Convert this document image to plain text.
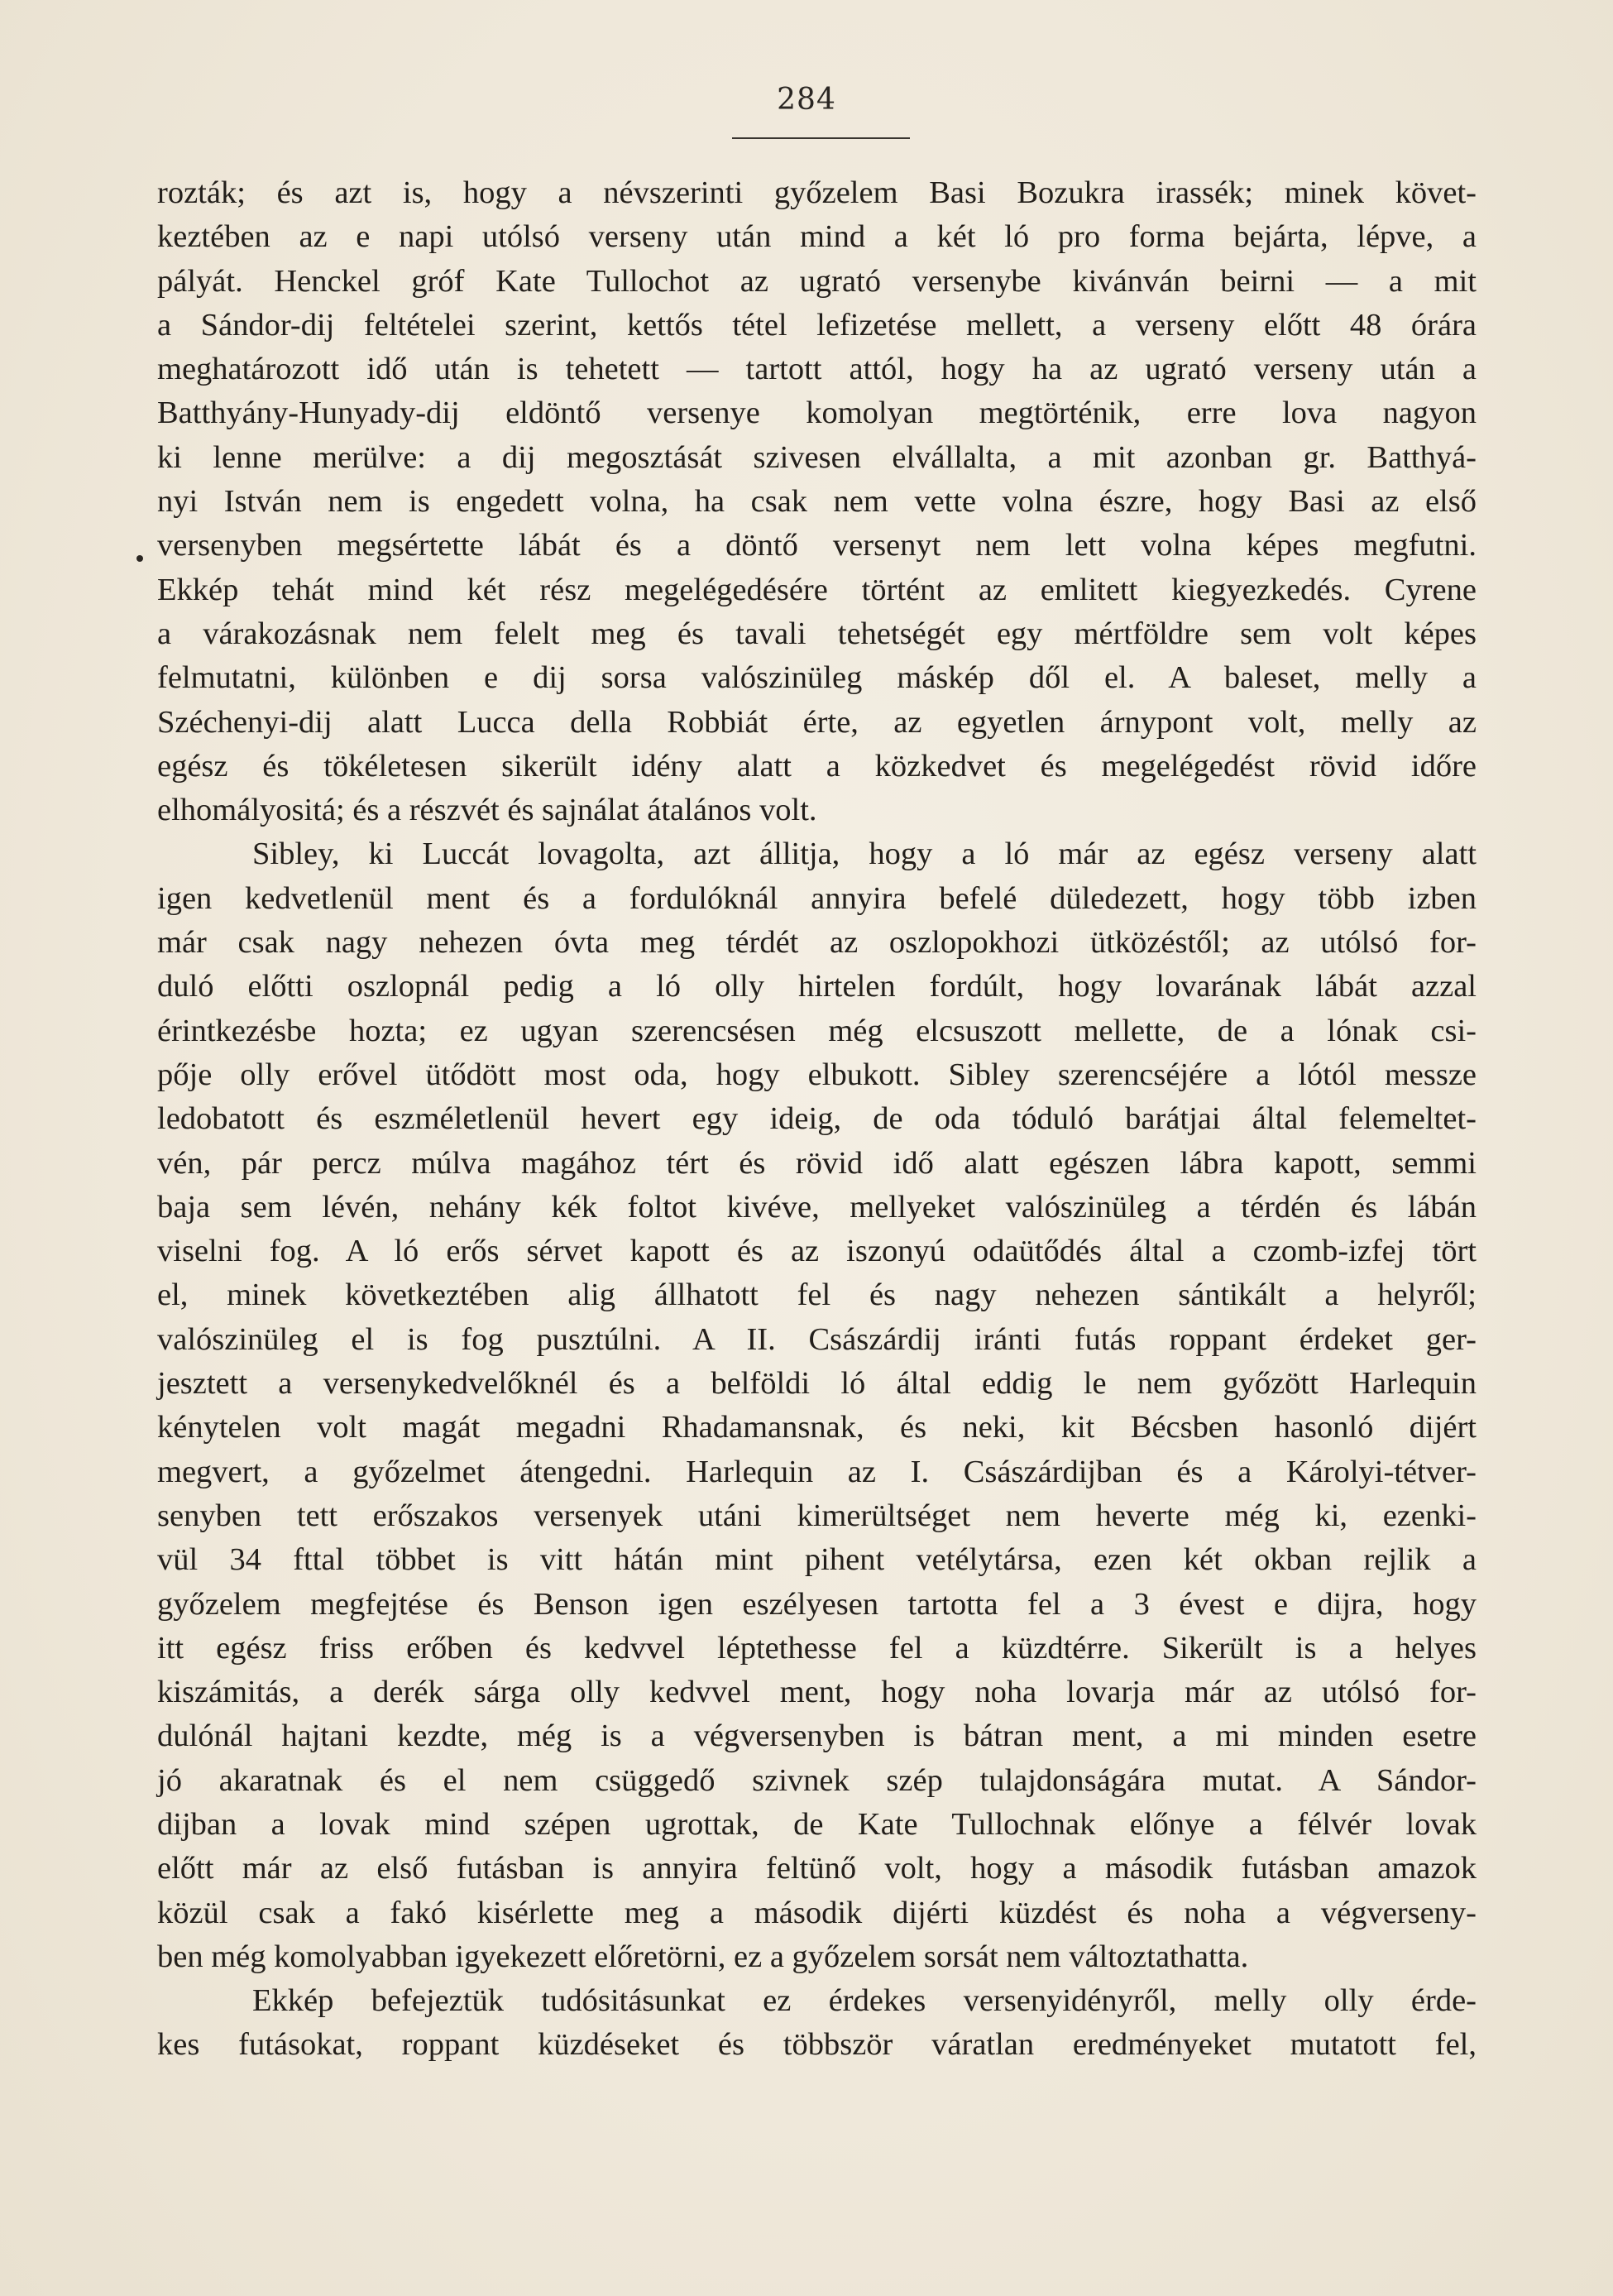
284
rozták; és azt is, hogy a névszerinti győzelem Basi Bozukra irassék; minek követ-
keztében az e napi utólsó verseny után mind a két ló pro forma bejárta, lépve, a
pályát. Henckel gróf Kate Tullochot az ugrató versenybe kivánván beirni — a mit
a Sándor-dij feltételei szerint, kettős tétel lefizetése mellett, a verseny előtt 48 órára
meghatározott idő után is tehetett — tartott attól, hogy ha az ugrató verseny után a
Batthyány-Hunyady-dij eldöntő versenye komolyan megtörténik, erre lova nagyon
ki lenne merülve: a dij megosztását szivesen elvállalta, a mit azonban gr. Batthyá-
nyi István nem is engedett volna, ha csak nem vette volna észre, hogy Basi az első
versenyben megsértette lábát és a döntő versenyt nem lett volna képes megfutni.
Ekkép tehát mind két rész megelégedésére történt az emlitett kiegyezkedés. Cyrene
a várakozásnak nem felelt meg és tavali tehetségét egy mértföldre sem volt képes
felmutatni, különben e dij sorsa valószinüleg máskép dől el. A baleset, melly a
Széchenyi-dij alatt Lucca della Robbiát érte, az egyetlen árnypont volt, melly az
egész és tökéletesen sikerült idény alatt a közkedvet és megelégedést rövid időre
elhomályositá; és a részvét és sajnálat átalános volt.
Sibley, ki Luccát lovagolta, azt állitja, hogy a ló már az egész verseny alatt
igen kedvetlenül ment és a fordulóknál annyira befelé düledezett, hogy több izben
már csak nagy nehezen óvta meg térdét az oszlopokhozi ütközéstől; az utólsó for-
duló előtti oszlopnál pedig a ló olly hirtelen fordúlt, hogy lovarának lábát azzal
érintkezésbe hozta; ez ugyan szerencsésen még elcsuszott mellette, de a lónak csi-
pője olly erővel ütődött most oda, hogy elbukott. Sibley szerencséjére a lótól messze
ledobatott és eszméletlenül hevert egy ideig, de oda tóduló barátjai által felemeltet-
vén, pár percz múlva magához tért és rövid idő alatt egészen lábra kapott, semmi
baja sem lévén, nehány kék foltot kivéve, mellyeket valószinüleg a térdén és lábán
viselni fog. A ló erős sérvet kapott és az iszonyú odaütődés által a czomb-izfej tört
el, minek következtében alig állhatott fel és nagy nehezen sántikált a helyről;
valószinüleg el is fog pusztúlni. A II. Császárdij iránti futás roppant érdeket ger-
jesztett a versenykedvelőknél és a belföldi ló által eddig le nem győzött Harlequin
kénytelen volt magát megadni Rhadamansnak, és neki, kit Bécsben hasonló dijért
megvert, a győzelmet átengedni. Harlequin az I. Császárdijban és a Károlyi-tétver-
senyben tett erőszakos versenyek utáni kimerültséget nem heverte még ki, ezenki-
vül 34 fttal többet is vitt hátán mint pihent vetélytársa, ezen két okban rejlik a
győzelem megfejtése és Benson igen eszélyesen tartotta fel a 3 évest e dijra, hogy
itt egész friss erőben és kedvvel léptethesse fel a küzdtérre. Sikerült is a helyes
kiszámitás, a derék sárga olly kedvvel ment, hogy noha lovarja már az utólsó for-
dulónál hajtani kezdte, még is a végversenyben is bátran ment, a mi minden esetre
jó akaratnak és el nem csüggedő szivnek szép tulajdonságára mutat. A Sándor-
dijban a lovak mind szépen ugrottak, de Kate Tullochnak előnye a félvér lovak
előtt már az első futásban is annyira feltünő volt, hogy a második futásban amazok
közül csak a fakó kisérlette meg a második dijérti küzdést és noha a végverseny-
ben még komolyabban igyekezett előretörni, ez a győzelem sorsát nem változtathatta.
Ekkép befejeztük tudósitásunkat ez érdekes versenyidényről, melly olly érde-
kes futásokat, roppant küzdéseket és többször váratlan eredményeket mutatott fel,
